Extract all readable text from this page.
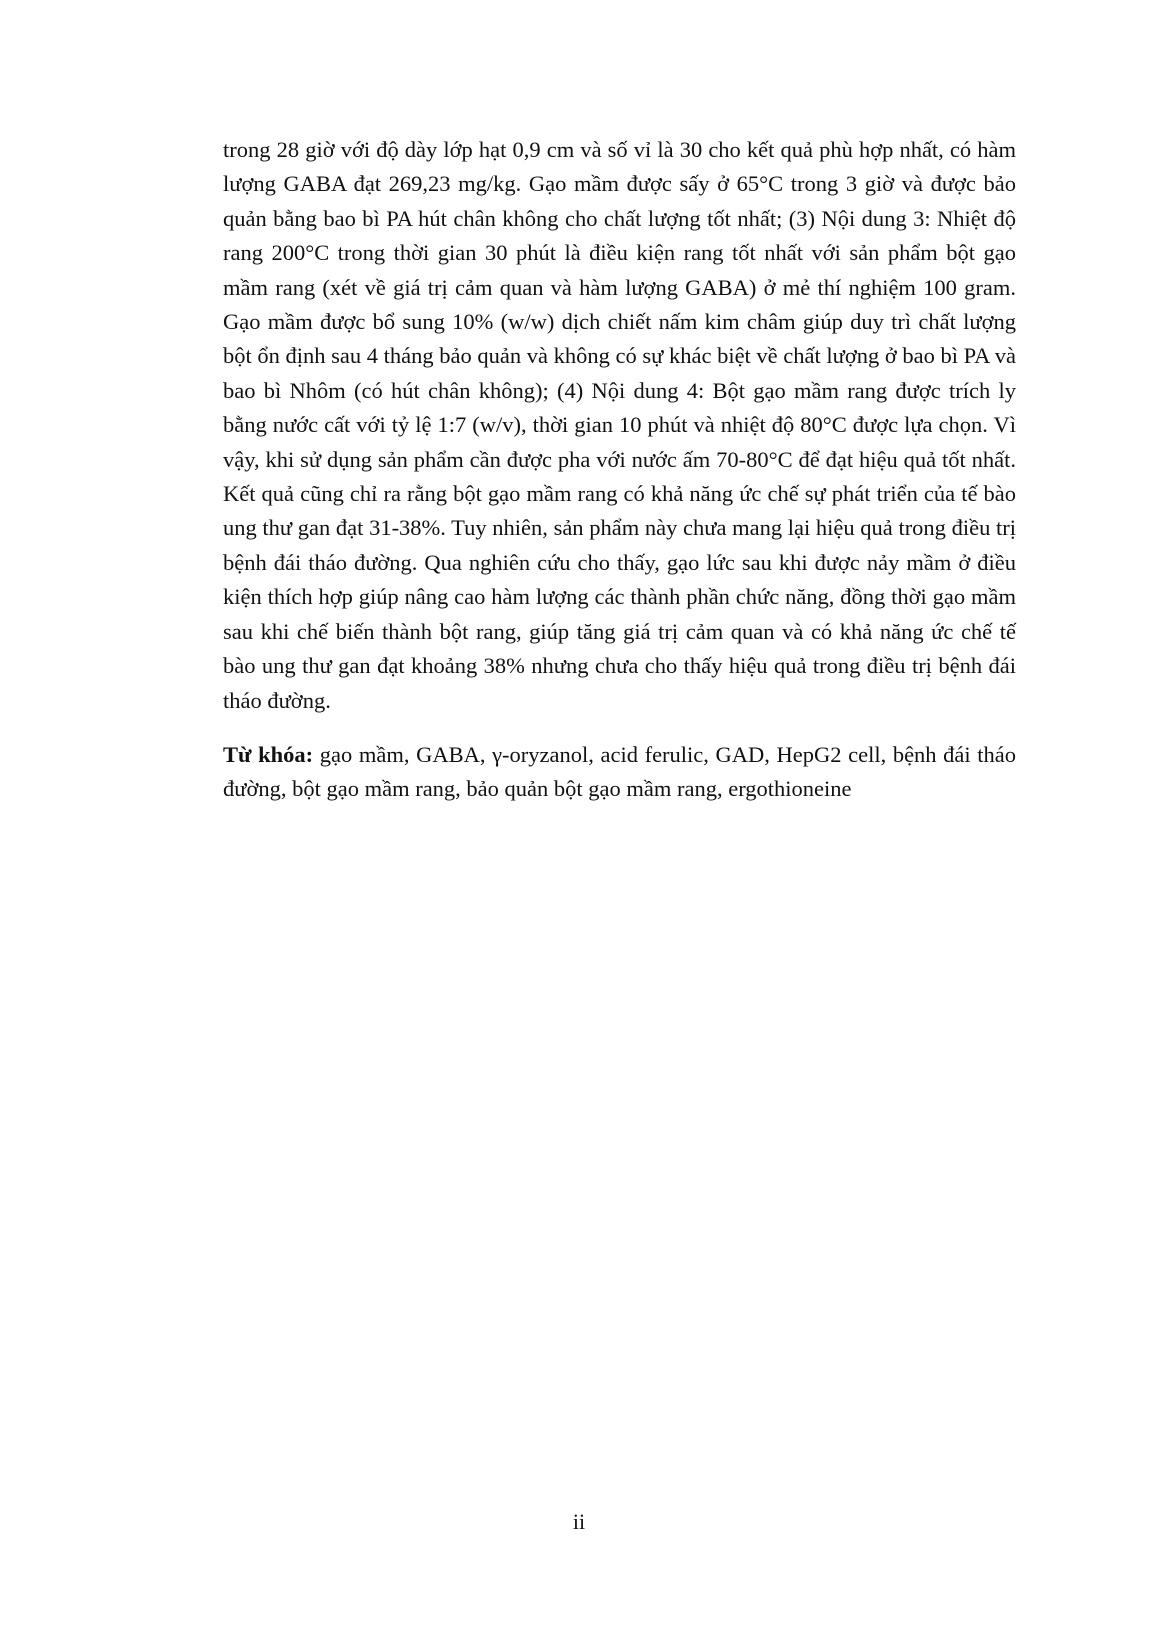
trong 28 giờ với độ dày lớp hạt 0,9 cm và số vỉ là 30 cho kết quả phù hợp nhất, có hàm lượng GABA đạt 269,23 mg/kg. Gạo mầm được sấy ở 65°C trong 3 giờ và được bảo quản bằng bao bì PA hút chân không cho chất lượng tốt nhất; (3) Nội dung 3: Nhiệt độ rang 200°C trong thời gian 30 phút là điều kiện rang tốt nhất với sản phẩm bột gạo mầm rang (xét về giá trị cảm quan và hàm lượng GABA) ở mẻ thí nghiệm 100 gram. Gạo mầm được bổ sung 10% (w/w) dịch chiết nấm kim châm giúp duy trì chất lượng bột ổn định sau 4 tháng bảo quản và không có sự khác biệt về chất lượng ở bao bì PA và bao bì Nhôm (có hút chân không); (4) Nội dung 4: Bột gạo mầm rang được trích ly bằng nước cất với tỷ lệ 1:7 (w/v), thời gian 10 phút và nhiệt độ 80°C được lựa chọn. Vì vậy, khi sử dụng sản phẩm cần được pha với nước ấm 70-80°C để đạt hiệu quả tốt nhất. Kết quả cũng chỉ ra rằng bột gạo mầm rang có khả năng ức chế sự phát triển của tế bào ung thư gan đạt 31-38%. Tuy nhiên, sản phẩm này chưa mang lại hiệu quả trong điều trị bệnh đái tháo đường. Qua nghiên cứu cho thấy, gạo lức sau khi được nảy mầm ở điều kiện thích hợp giúp nâng cao hàm lượng các thành phần chức năng, đồng thời gạo mầm sau khi chế biến thành bột rang, giúp tăng giá trị cảm quan và có khả năng ức chế tế bào ung thư gan đạt khoảng 38% nhưng chưa cho thấy hiệu quả trong điều trị bệnh đái tháo đường.

Từ khóa: gạo mầm, GABA, γ-oryzanol, acid ferulic, GAD, HepG2 cell, bệnh đái tháo đường, bột gạo mầm rang, bảo quản bột gạo mầm rang, ergothioneine

ii
